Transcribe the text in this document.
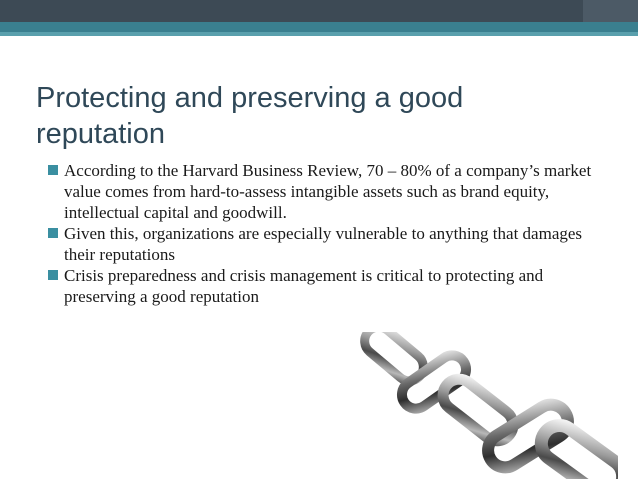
Protecting and preserving a good reputation
According to the Harvard Business Review, 70 – 80% of a company’s market value comes from hard-to-assess intangible assets such as brand equity, intellectual capital and goodwill.
Given this, organizations are especially vulnerable to anything that damages their reputations
Crisis preparedness and crisis management is critical to protecting and preserving a good reputation
